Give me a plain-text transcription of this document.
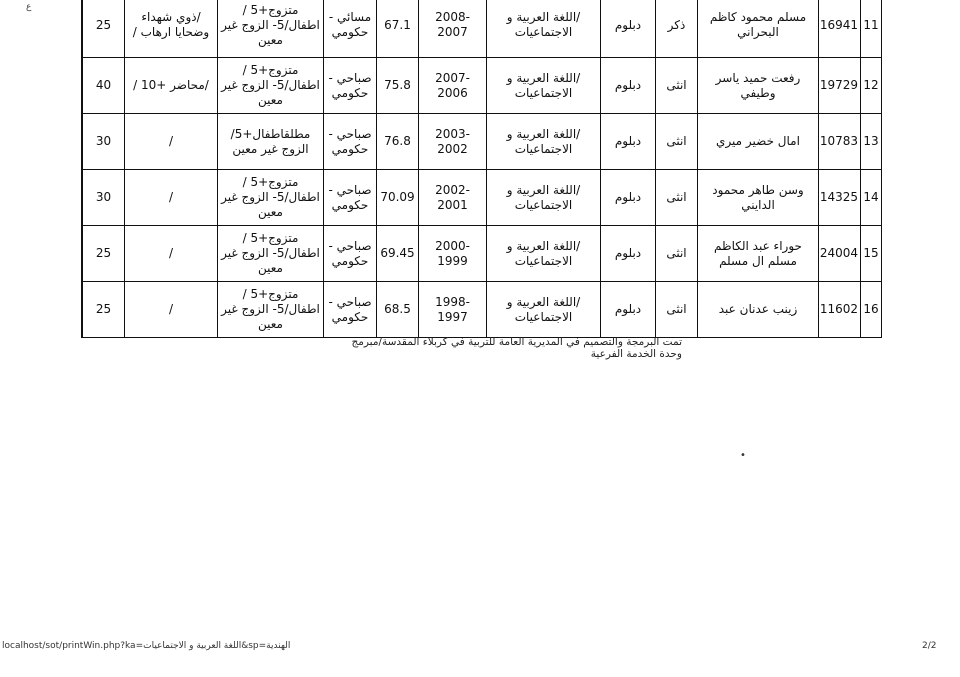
ع
11	16941	مسلم محمود كاظم البحراني	ذكر	دبلوم	/اللغة العربية و الاجتماعيات	2008-2007	67.1	مسائي - حكومي	متزوج+5 / اطفال/5- الزوج غير معين	/ذوي شهداء وضحايا ارهاب /	25	
12	19729	رفعت حميد ياسر وطيفي	انثى	دبلوم	/اللغة العربية و الاجتماعيات	2007-2006	75.8	صباحي - حكومي	متزوج+5 / اطفال/5- الزوج غير معين	/محاضر +10 /	40	
13	10783	امال خضير ميري	انثى	دبلوم	/اللغة العربية و الاجتماعيات	2003-2002	76.8	صباحي - حكومي	مطلقاطفال+5/ الزوج غير معين	/	30	
14	14325	وسن طاهر محمود الدايني	انثى	دبلوم	/اللغة العربية و الاجتماعيات	2002-2001	70.09	صباحي - حكومي	متزوج+5 / اطفال/5- الزوج غير معين	/	30	
15	24004	حوراء عبد الكاظم مسلم ال مسلم	انثى	دبلوم	/اللغة العربية و الاجتماعيات	2000-1999	69.45	صباحي - حكومي	متزوج+5 / اطفال/5- الزوج غير معين	/	25	
16	11602	زينب عدنان عبد	انثى	دبلوم	/اللغة العربية و الاجتماعيات	1998-1997	68.5	صباحي - حكومي	متزوج+5 / اطفال/5- الزوج غير معين	/	25	
تمت البرمجة والتصميم في المديرية العامة للتربية في كربلاء المقدسة/مبرمج وحدة الخدمة الفرعية
•
localhost/sot/printWin.php?ka=اللغة العربية و الاجتماعيات&sp=الهندية	2/2
